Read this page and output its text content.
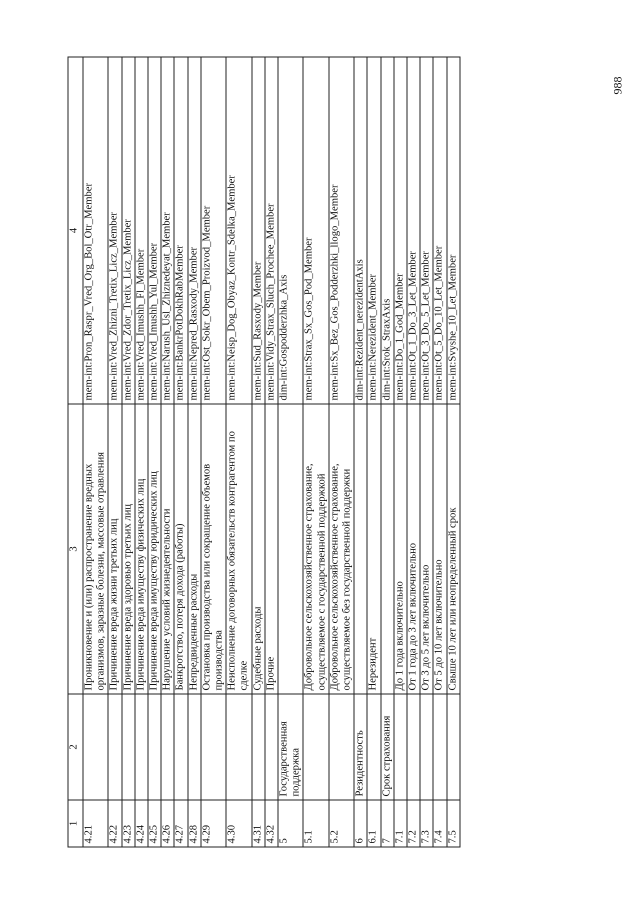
988
1	2	3	4
4.21		Проникновение и (или) распространение вредных организмов, заразные болезни, массовые отравления	mem-int:Pron_Raspr_Vred_Org_Bol_Otr_Member
4.22		Причинение вреда жизни третьих лиц	mem-int:Vred_Zhizni_Tretix_Licz_Member
4.23		Причинение вреда здоровью третьих лиц	mem-int:Vred_Zdor_Tretix_Licz_Member
4.24		Причинение вреда имуществу физических лиц	mem-int:Vred_Imushh_Fl_Member
4.25		Причинение вреда имуществу юридических лиц	mem-int:Vred_Imushh_Yul_Member
4.26		Нарушение условий жизнедеятельности	mem-int:Narush_Usl_Zhiznedeyat_Member
4.27		Банкротство, потеря дохода (работы)	mem-int:BankrPotDokhRabMember
4.28		Непредвиденные расходы	mem-int:Nepred_Rasxody_Member
4.29		Остановка производства или сокращение объемов производства	mem-int:Ost_Sokr_Obem_Proizvod_Member
4.30		Неисполнение договорных обязательств контрагентом по сделке	mem-int:Neisp_Dog_Obyaz_Kontr_Sdelka_Member
4.31		Судебные расходы	mem-int:Sud_Rasxody_Member
4.32		Прочие	mem-int:Vidy_Strax_Sluch_Prochee_Member
5	Государственная поддержка		dim-int:Gospodderzhka_Axis
5.1		Добровольное сельскохозяйственное страхование, осуществляемое с государственной поддержкой	mem-int:Strax_Sx_Gos_Pod_Member
5.2		Добровольное сельскохозяйственное страхование, осуществляемое без государственной поддержки	mem-int:Sx_Bez_Gos_Podderzhki_llogo_Member
6	Резидентность		dim-int:Rezident_nerezidentAxis
6.1		Нерезидент	mem-int:Nerezident_Member
7	Срок страхования		dim-int:Srok_StraxAxis
7.1		До 1 года включительно	mem-int:Do_1_God_Member
7.2		От 1 года до 3 лет включительно	mem-int:Ot_1_Do_3_Let_Member
7.3		От 3 до 5 лет включительно	mem-int:Ot_3_Do_5_Let_Member
7.4		От 5 до 10 лет включительно	mem-int:Ot_5_Do_10_Let_Member
7.5		Свыше 10 лет или неопределенный срок	mem-int:Svyshe_10_Let_Member
